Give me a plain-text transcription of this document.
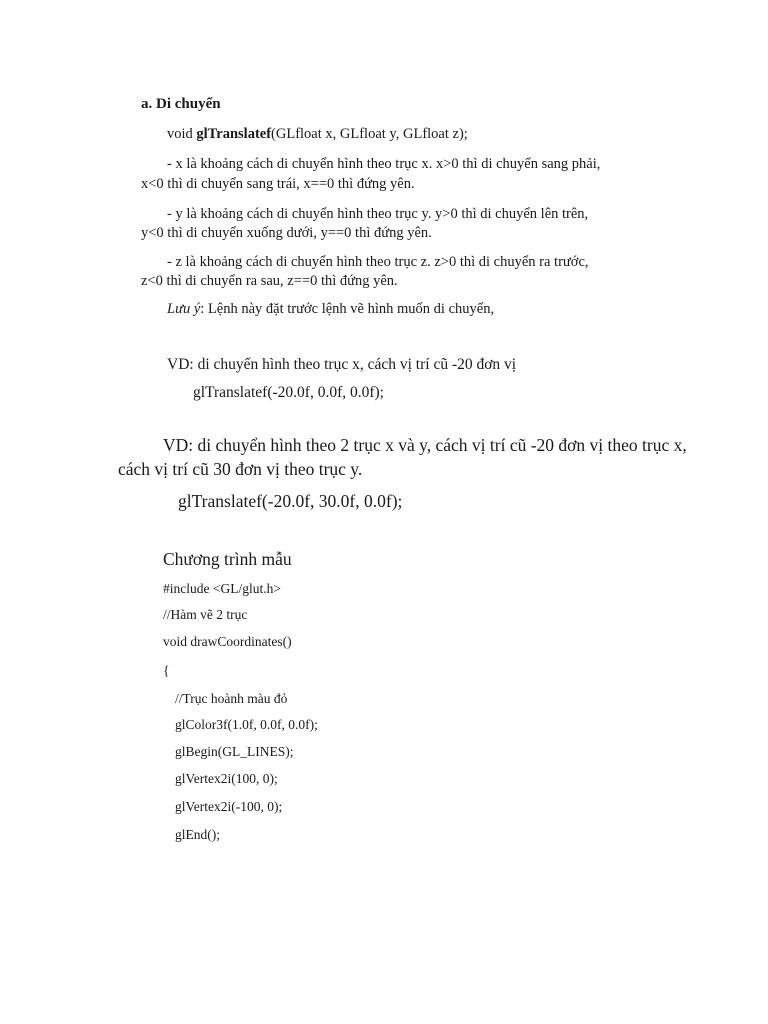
a. Di chuyển
void glTranslatef(GLfloat x, GLfloat y, GLfloat z);
- x là khoảng cách di chuyển hình theo trục x. x>0 thì di chuyển sang phải,
x<0 thì di chuyển sang trái, x==0 thì đứng yên.
- y là khoảng cách di chuyển hình theo trục y. y>0 thì di chuyển lên trên,
y<0 thì di chuyển xuống dưới, y==0 thì đứng yên.
- z là khoảng cách di chuyển hình theo trục z. z>0 thì di chuyển ra trước,
z<0 thì di chuyển ra sau, z==0 thì đứng yên.
Lưu ý: Lệnh này đặt trước lệnh vẽ hình muốn di chuyển,
VD: di chuyển hình theo trục x, cách vị trí cũ -20 đơn vị
glTranslatef(-20.0f, 0.0f, 0.0f);
VD: di chuyển hình theo 2 trục x và y, cách vị trí cũ -20 đơn vị theo trục x,
cách vị trí cũ 30 đơn vị theo trục y.
glTranslatef(-20.0f, 30.0f, 0.0f);
Chương trình mẫu
#include <GL/glut.h>
//Hàm vẽ 2 trục
void drawCoordinates()
{
//Trục hoành màu đỏ
glColor3f(1.0f, 0.0f, 0.0f);
glBegin(GL_LINES);
glVertex2i(100, 0);
glVertex2i(-100, 0);
glEnd();
